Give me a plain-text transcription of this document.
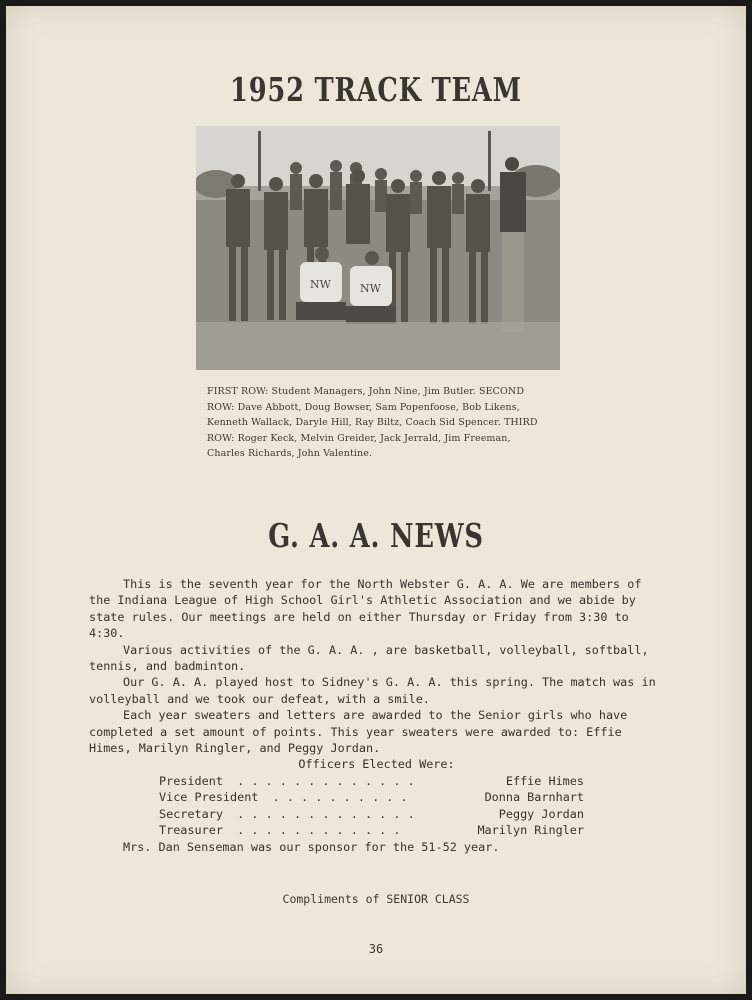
1952 TRACK TEAM
NW	NW
FIRST ROW: Student Managers, John Nine, Jim Butler. SECOND ROW: Dave Abbott, Doug Bowser, Sam Popenfoose, Bob Likens, Kenneth Wallack, Daryle Hill, Ray Biltz, Coach Sid Spencer. THIRD ROW: Roger Keck, Melvin Greider, Jack Jerrald, Jim Freeman, Charles Richards, John Valentine.
G. A. A. NEWS

This is the seventh year for the North Webster G. A. A. We are members of the Indiana League of High School Girl's Athletic Association and we abide by state rules. Our meetings are held on either Thursday or Friday from 3:30 to 4:30.

Various activities of the G. A. A. , are basketball, volleyball, softball, tennis, and badminton.

Our G. A. A. played host to Sidney's G. A. A. this spring. The match was in volleyball and we took our defeat, with a smile.

Each year sweaters and letters are awarded to the Senior girls who have completed a set amount of points. This year sweaters were awarded to: Effie Himes, Marilyn Ringler, and Peggy Jordan.

Officers Elected Were:

President  . . . . . . . . . . . . .	Effie Himes
Vice President  . . . . . . . . . .	Donna Barnhart
Secretary  . . . . . . . . . . . . .	Peggy Jordan
Treasurer  . . . . . . . . . . . .	Marilyn Ringler

Mrs. Dan Senseman was our sponsor for the 51-52 year.

Compliments of SENIOR CLASS
36
